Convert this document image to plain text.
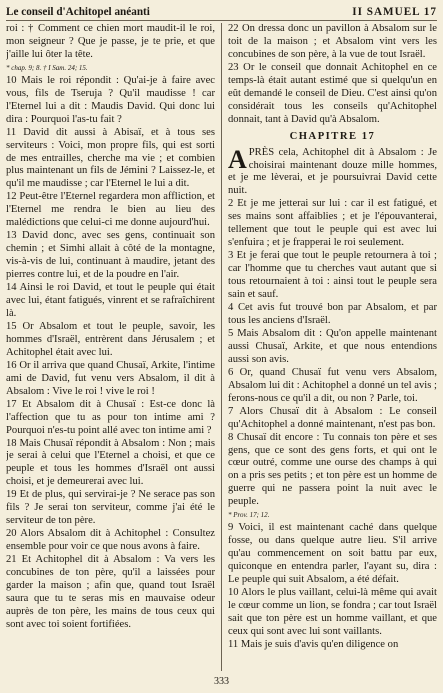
Le conseil d'Achitopel anéanti	II SAMUEL 17

roi : † Comment ce chien mort maudit-il le roi, mon seigneur ? Que je passe, je te prie, et que j'aille lui ôter la tête.

* chap. 9; 8. † I Sam. 24; 15.

10 Mais le roi répondit : Qu'ai-je à faire avec vous, fils de Tseruja ? Qu'il maudisse ! car l'Eternel lui a dit : Maudis David. Qui donc lui dira : Pourquoi l'as-tu fait ?

11 David dit aussi à Abisaï, et à tous ses serviteurs : Voici, mon propre fils, qui est sorti de mes entrailles, cherche ma vie ; et combien plus maintenant un fils de Jémini ? Laissez-le, et qu'il me maudisse ; car l'Eternel le lui a dit.

12 Peut-être l'Eternel regardera mon affliction, et l'Eternel me rendra le bien au lieu des malédictions que celui-ci me donne aujourd'hui.

13 David donc, avec ses gens, continuait son chemin ; et Simhi allait à côté de la montagne, vis-à-vis de lui, continuant à maudire, jetant des pierres contre lui, et de la poudre en l'air.

14 Ainsi le roi David, et tout le peuple qui était avec lui, étant fatigués, vinrent et se rafraîchirent là.

15 Or Absalom et tout le peuple, savoir, les hommes d'Israël, entrèrent dans Jérusalem ; et Achitophel était avec lui.

16 Or il arriva que quand Chusaï, Arkite, l'intime ami de David, fut venu vers Absalom, il dit à Absalom : Vive le roi ! vive le roi !

17 Et Absalom dit à Chusaï : Est-ce donc là l'affection que tu as pour ton intime ami ? Pourquoi n'es-tu point allé avec ton intime ami ?

18 Mais Chusaï répondit à Absalom : Non ; mais je serai à celui que l'Eternel a choisi, et que ce peuple et tous les hommes d'Israël ont aussi choisi, et je demeurerai avec lui.

19 Et de plus, qui servirai-je ? Ne serace pas son fils ? Je serai ton serviteur, comme j'ai été le serviteur de ton père.

20 Alors Absalom dit à Achitophel : Consultez ensemble pour voir ce que nous avons à faire.

21 Et Achitophel dit à Absalom : Va vers les concubines de ton père, qu'il a laissées pour garder la maison ; afin que, quand tout Israël saura que tu te seras mis en mauvaise odeur auprès de ton père, les mains de tous ceux qui sont avec toi soient fortifiées.

22 On dressa donc un pavillon à Absalom sur le toit de la maison ; et Absalom vint vers les concubines de son père, à la vue de tout Israël.

23 Or le conseil que donnait Achitophel en ce temps-là était autant estimé que si quelqu'un en eût demandé le conseil de Dieu. C'est ainsi qu'on considérait tous les conseils qu'Achitophel donnait, tant à David qu'à Absalom.

CHAPITRE 17
A PRÈS cela, Achitophel dit à Absalom : Je choisirai maintenant douze mille hommes, et je me lèverai, et je poursuivrai David cette nuit.

2 Et je me jetterai sur lui : car il est fatigué, et ses mains sont affaiblies ; et je l'épouvanterai, tellement que tout le peuple qui est avec lui s'enfuira ; et je frapperai le roi seulement.

3 Et je ferai que tout le peuple retournera à toi ; car l'homme que tu cherches vaut autant que si tous retournaient à toi : ainsi tout le peuple sera sain et sauf.

4 Cet avis fut trouvé bon par Absalom, et par tous les anciens d'Israël.

5 Mais Absalom dit : Qu'on appelle maintenant aussi Chusaï, Arkite, et que nous entendions aussi son avis.

6 Or, quand Chusaï fut venu vers Absalom, Absalom lui dit : Achitophel a donné un tel avis ; ferons-nous ce qu'il a dit, ou non ? Parle, toi.

7 Alors Chusaï dit à Absalom : Le conseil qu'Achitophel a donné maintenant, n'est pas bon.

8 Chusaï dit encore : Tu connais ton père et ses gens, que ce sont des gens forts, et qui ont le cœur outré, comme une ourse des champs à qui on a pris ses petits ; et ton père est un homme de guerre qui ne passera point la nuit avec le peuple.

* Prov. 17; 12.

9 Voici, il est maintenant caché dans quelque fosse, ou dans quelque autre lieu. S'il arrive qu'au commencement on soit battu par eux, quiconque en entendra parler, l'ayant su, dira : Le peuple qui suit Absalom, a été défait.

10 Alors le plus vaillant, celui-là même qui avait le cœur comme un lion, se fondra ; car tout Israël sait que ton père est un homme vaillant, et que ceux qui sont avec lui sont vaillants.

11 Mais je suis d'avis qu'en diligence on

333
